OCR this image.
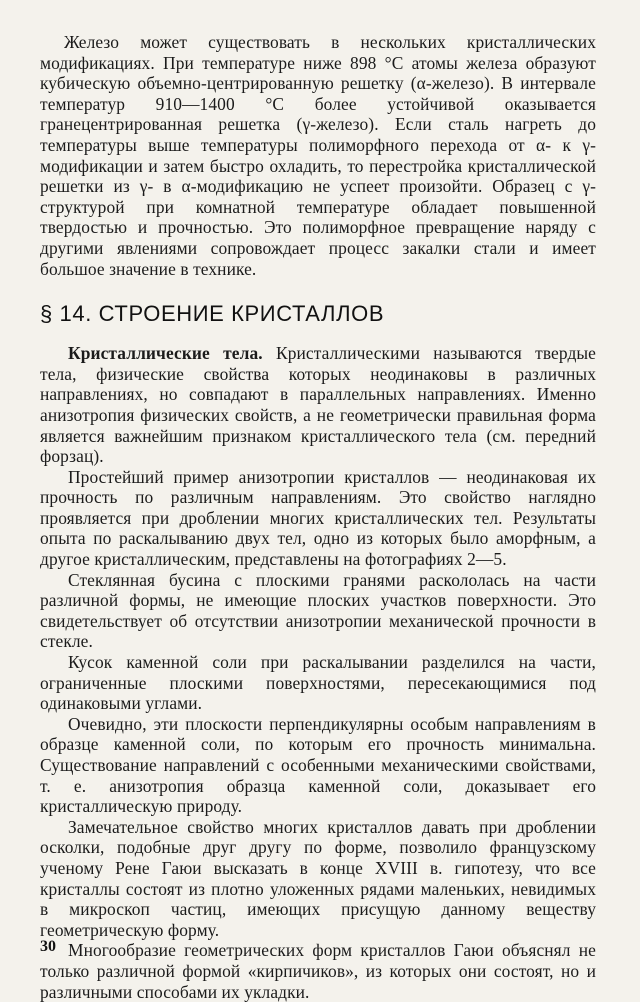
Железо может существовать в нескольких кристаллических модификациях. При температуре ниже 898 °С атомы железа образуют кубическую объемно-центрированную решетку (α-железо). В интервале температур 910—1400 °С более устойчивой оказывается гранецентрированная решетка (γ-железо). Если сталь нагреть до температуры выше температуры полиморфного перехода от α- к γ-модификации и затем быстро охладить, то перестройка кристаллической решетки из γ- в α-модификацию не успеет произойти. Образец с γ-структурой при комнатной температуре обладает повышенной твердостью и прочностью. Это полиморфное превращение наряду с другими явлениями сопровождает процесс закалки стали и имеет большое значение в технике.

§ 14. СТРОЕНИЕ КРИСТАЛЛОВ

Кристаллические тела. Кристаллическими называются твердые тела, физические свойства которых неодинаковы в различных направлениях, но совпадают в параллельных направлениях. Именно анизотропия физических свойств, а не геометрически правильная форма является важнейшим признаком кристаллического тела (см. передний форзац).

Простейший пример анизотропии кристаллов — неодинаковая их прочность по различным направлениям. Это свойство наглядно проявляется при дроблении многих кристаллических тел. Результаты опыта по раскалыванию двух тел, одно из которых было аморфным, а другое кристаллическим, представлены на фотографиях 2—5.

Стеклянная бусина с плоскими гранями раскололась на части различной формы, не имеющие плоских участков поверхности. Это свидетельствует об отсутствии анизотропии механической прочности в стекле.

Кусок каменной соли при раскалывании разделился на части, ограниченные плоскими поверхностями, пересекающимися под одинаковыми углами.

Очевидно, эти плоскости перпендикулярны особым направлениям в образце каменной соли, по которым его прочность минимальна. Существование направлений с особенными механическими свойствами, т. е. анизотропия образца каменной соли, доказывает его кристаллическую природу.

Замечательное свойство многих кристаллов давать при дроблении осколки, подобные друг другу по форме, позволило французскому ученому Рене Гаюи высказать в конце XVIII в. гипотезу, что все кристаллы состоят из плотно уложенных рядами маленьких, невидимых в микроскоп частиц, имеющих присущую данному веществу геометрическую форму.

Многообразие геометрических форм кристаллов Гаюи объяснял не только различной формой «кирпичиков», из которых они состоят, но и различными способами их укладки.

30
